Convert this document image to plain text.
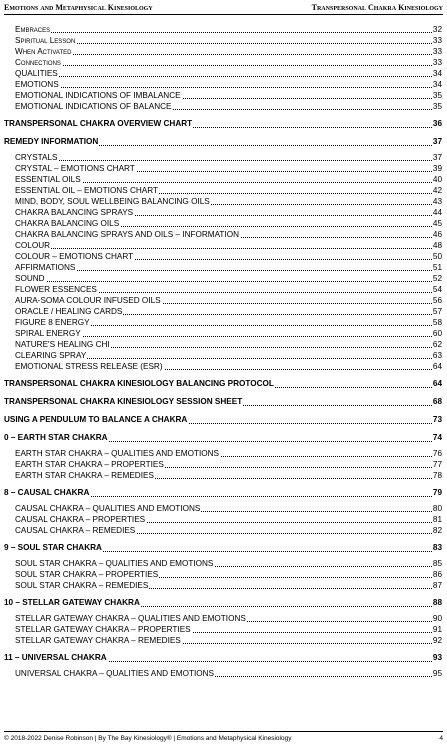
Emotions and Metaphysical Kinesiology	Transpersonal Chakra Kinesiology
Embraces	32
Spiritual Lesson	33
When Activated	33
Connections	33
QUALITIES	34
EMOTIONS	34
EMOTIONAL INDICATIONS OF IMBALANCE	35
EMOTIONAL INDICATIONS OF BALANCE	35
TRANSPERSONAL CHAKRA OVERVIEW CHART	36
REMEDY INFORMATION	37
CRYSTALS	37
CRYSTAL – EMOTIONS CHART	39
ESSENTIAL OILS	40
ESSENTIAL OIL – EMOTIONS CHART	42
MIND, BODY, SOUL WELLBEING BALANCING OILS	43
CHAKRA BALANCING SPRAYS	44
CHAKRA BALANCING OILS	45
CHAKRA BALANCING SPRAYS AND OILS – INFORMATION	46
COLOUR	48
COLOUR – EMOTIONS CHART	50
AFFIRMATIONS	51
SOUND	52
FLOWER ESSENCES	54
AURA-SOMA COLOUR INFUSED OILS	56
ORACLE / HEALING CARDS	57
FIGURE 8 ENERGY	58
SPIRAL ENERGY	60
NATURE'S HEALING CHI	62
CLEARING SPRAY	63
EMOTIONAL STRESS RELEASE (ESR)	64
TRANSPERSONAL CHAKRA KINESIOLOGY BALANCING PROTOCOL	64
TRANSPERSONAL CHAKRA KINESIOLOGY SESSION SHEET	68
USING A PENDULUM TO BALANCE A CHAKRA	73
0 – EARTH STAR CHAKRA	74
EARTH STAR CHAKRA – QUALITIES AND EMOTIONS	76
EARTH STAR CHAKRA – PROPERTIES	77
EARTH STAR CHAKRA – REMEDIES	78
8 – CAUSAL CHAKRA	79
CAUSAL CHAKRA – QUALITIES AND EMOTIONS	80
CAUSAL CHAKRA – PROPERTIES	81
CAUSAL CHAKRA – REMEDIES	82
9 – SOUL STAR CHAKRA	83
SOUL STAR CHAKRA – QUALITIES AND EMOTIONS	85
SOUL STAR CHAKRA – PROPERTIES	86
SOUL STAR CHAKRA – REMEDIES	87
10 – STELLAR GATEWAY CHAKRA	88
STELLAR GATEWAY CHAKRA – QUALITIES AND EMOTIONS	90
STELLAR GATEWAY CHAKRA – PROPERTIES	91
STELLAR GATEWAY CHAKRA – REMEDIES	92
11 – UNIVERSAL CHAKRA	93
UNIVERSAL CHAKRA – QUALITIES AND EMOTIONS	95
© 2018-2022 Denise Robinson | By The Bay Kinesiology® | Emotions and Metaphysical Kinesiology	4
